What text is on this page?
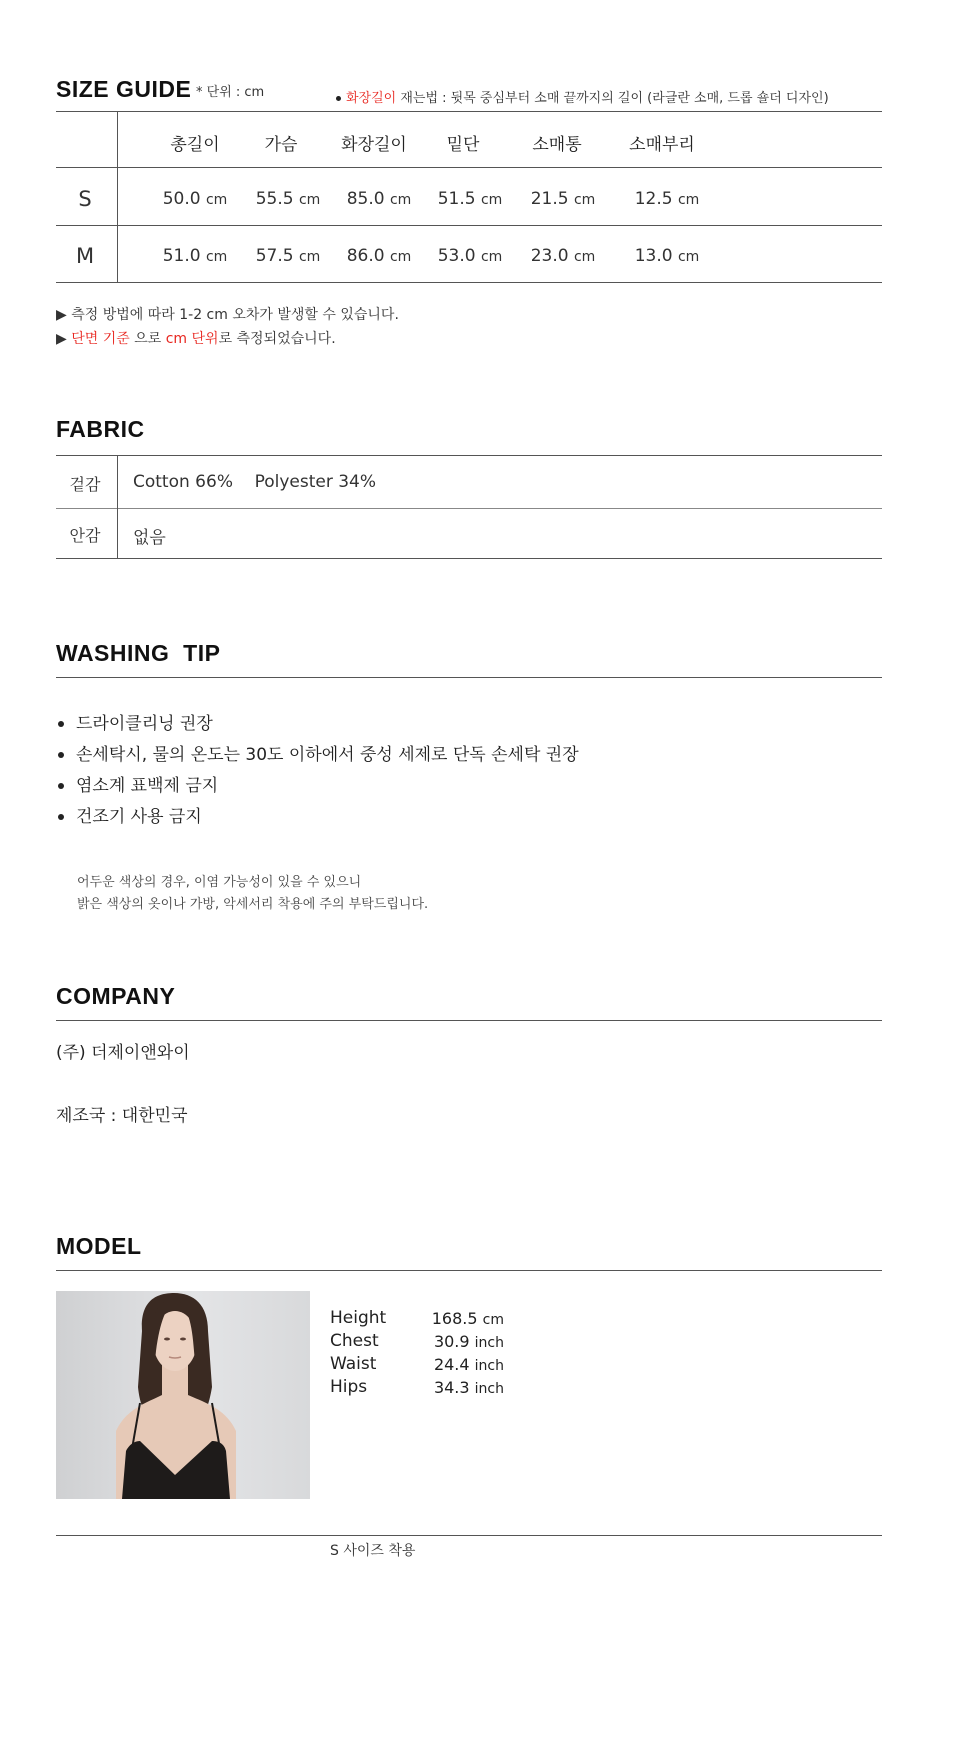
SIZE GUIDE * 단위 : cm	화장길이 재는법 : 뒷목 중심부터 소매 끝까지의 길이 (라글란 소매, 드롭 숄더 디자인)
총길이	가슴	화장길이	밑단	소매통	소매부리
S	50.0 cm	55.5 cm	85.0 cm	51.5 cm	21.5 cm	12.5 cm
M	51.0 cm	57.5 cm	86.0 cm	53.0 cm	23.0 cm	13.0 cm
▶ 측정 방법에 따라 1-2 cm 오차가 발생할 수 있습니다.
▶ 단면 기준 으로 cm 단위로 측정되었습니다.
FABRIC
겉감	Cotton 66%    Polyester 34%
안감	없음
WASHING  TIP
드라이클리닝 권장
손세탁시, 물의 온도는 30도 이하에서 중성 세제로 단독 손세탁 권장
염소계 표백제 금지
건조기 사용 금지
어두운 색상의 경우, 이염 가능성이 있을 수 있으니
밝은 색상의 옷이나 가방, 악세서리 착용에 주의 부탁드립니다.
COMPANY
(주) 더제이앤와이
제조국 : 대한민국
MODEL
Height	168.5 cm
Chest	30.9 inch
Waist	24.4 inch
Hips	34.3 inch
S 사이즈 착용
